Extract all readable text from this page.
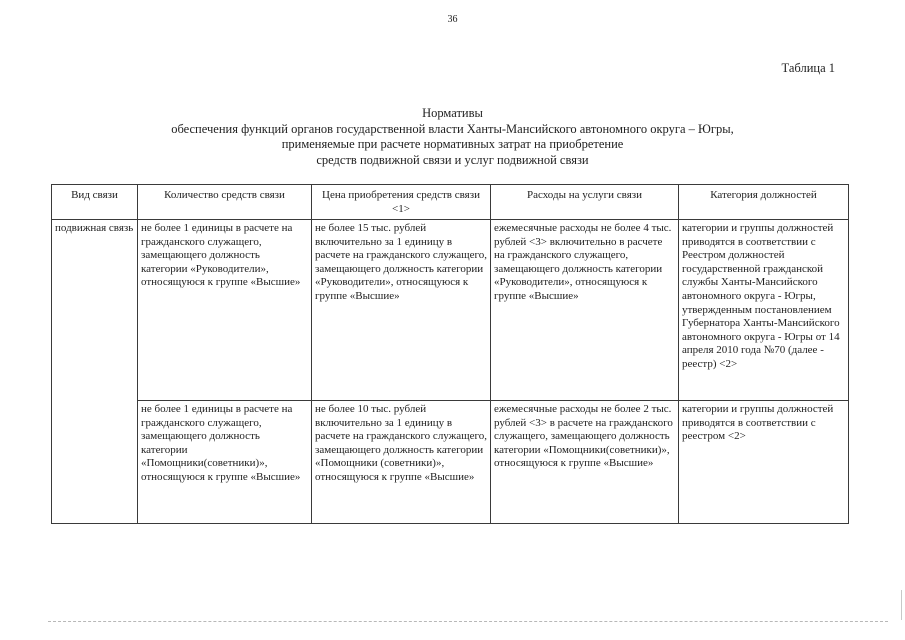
36
Таблица 1
Нормативы
обеспечения функций органов государственной власти Ханты-Мансийского автономного округа – Югры,
применяемые при расчете нормативных затрат на приобретение
средств подвижной связи и услуг подвижной связи
Вид связи	Количество средств связи	Цена приобретения средств связи <1>	Расходы на услуги связи	Категория должностей
подвижная связь	не более 1 единицы в расчете на гражданского служащего, замещающего должность категории «Руководители», относящуюся к группе «Высшие»	не более 15 тыс. рублей включительно за 1 единицу в расчете на гражданского служащего, замещающего должность категории «Руководители», относящуюся к группе «Высшие»	ежемесячные расходы не более 4 тыс. рублей <3> включительно в расчете на гражданского служащего, замещающего должность категории «Руководители», относящуюся к группе «Высшие»	категории и группы должностей приводятся в соответствии с Реестром должностей государственной гражданской службы Ханты-Мансийского автономного округа - Югры, утвержденным постановлением Губернатора Ханты-Мансийского автономного округа - Югры от 14 апреля 2010 года №70 (далее - реестр) <2>
	не более 1 единицы в расчете на гражданского служащего, замещающего должность категории «Помощники(советники)», относящуюся к группе «Высшие»	не более 10 тыс. рублей включительно за 1 единицу в расчете на гражданского служащего, замещающего должность категории «Помощники (советники)», относящуюся к группе «Высшие»	ежемесячные расходы не более 2 тыс. рублей <3> в расчете на гражданского служащего, замещающего должность категории «Помощники(советники)», относящуюся к группе «Высшие»	категории и группы должностей приводятся в соответствии с реестром <2>
